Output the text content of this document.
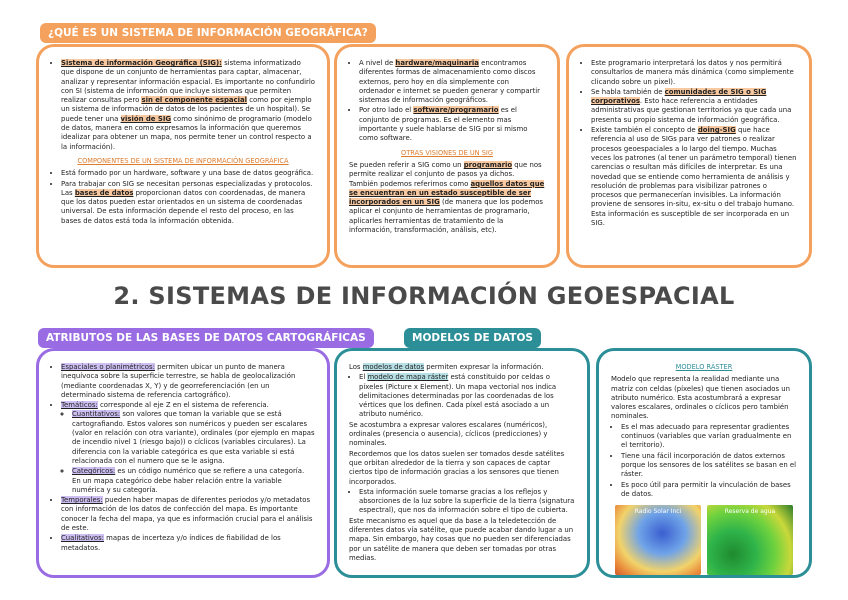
¿QUÉ ES UN SISTEMA DE INFORMACIÓN GEOGRÁFICA?
• Sistema de información Geográfica (SIG): sistema informatizado que dispone de un conjunto de herramientas para captar, almacenar, analizar y representar información espacial. Es importante no confundirlo con SI (sistema de información que incluye sistemas que permiten realizar consultas pero sin el componente espacial como por ejemplo un sistema de información de datos de los pacientes de un hospital). Se puede tener una visión de SIG como sinónimo de programario (modelo de datos, manera en como expresamos la información que queremos idealizar para obtener un mapa, nos permite tener un control respecto a la información).
COMPONENTES DE UN SISTEMA DE INFORMACIÓN GEOGRÁFICA
• Está formado por un hardware, software y una base de datos geográfica.
• Para trabajar con SIG se necesitan personas especializadas y protocolos. Las bases de datos proporcionan datos con coordenadas, de manera que los datos pueden estar orientados en un sistema de coordenadas universal. De esta información depende el resto del proceso, en las bases de datos está toda la información obtenida.
• A nivel de hardware/maquinaria encontramos diferentes formas de almacenamiento como discos externos, pero hoy en día simplemente con ordenador e internet se pueden generar y compartir sistemas de información geográficos.
• Por otro lado el software/programario es el conjunto de programas. Es el elemento mas importante y suele hablarse de SIG por si mismo como software.
OTRAS VISIONES DE UN SIG

Se pueden referir a SIG como un programario que nos permite realizar el conjunto de pasos ya dichos. También podemos referirnos como aquellos datos que se encuentran en un estado susceptible de ser incorporados en un SIG (de manera que los podemos aplicar el conjunto de herramientas de programario, aplicarles herramientas de tratamiento de la información, transformación, análisis, etc).

• Este programario interpretará los datos y nos permitirá consultarlos de manera más dinámica (como simplemente clicando sobre un pixel).
• Se habla también de comunidades de SIG o SIG corporativos. Esto hace referencia a entidades administrativas que gestionan territorios ya que cada una presenta su propio sistema de información geográfica.
• Existe también el concepto de doing-SIG que hace referencia al uso de SIGs para ver patrones o realizar procesos geoespaciales a lo largo del tiempo. Muchas veces los patrones (al tener un parámetro temporal) tienen carencias o resultan más difíciles de interpretar. Es una novedad que se entiende como herramienta de análisis y resolución de problemas para visibilizar patrones o procesos que permanecerían invisibles. La información proviene de sensores in-situ, ex-situ o del trabajo humano. Esta información es susceptible de ser incorporada en un SIG.
2. SISTEMAS DE INFORMACIÓN GEOESPACIAL
ATRIBUTOS DE LAS BASES DE DATOS CARTOGRÁFICAS	MODELOS DE DATOS
• Espaciales o planimétricos: permiten ubicar un punto de manera inequívoca sobre la superficie terrestre, se habla de geolocalización (mediante coordenadas X, Y) y de georreferenciación (en un determinado sistema de referencia cartográfico).
• Temáticos: corresponde al eje Z en el sistema de referencia.
◦ Cuantitativos: son valores que toman la variable que se está cartografiando. Estos valores son numéricos y pueden ser escalares (valor en relación con otra variante), ordinales (por ejemplo en mapas de incendio nivel 1 (riesgo bajo)) o cíclicos (variables circulares). La diferencia con la variable categórica es que esta variable si está relacionada con el numero que se le asigna.
◦ Categóricos: es un código numérico que se refiere a una categoría. En un mapa categórico debe haber relación entre la variable numérica y su categoría.
• Temporales: pueden haber mapas de diferentes periodos y/o metadatos con información de los datos de confección del mapa. Es importante conocer la fecha del mapa, ya que es información crucial para el análisis de este.
• Cualitativos: mapas de incerteza y/o índices de fiabilidad de los metadatos.

Los modelos de datos permiten expresar la información.

• El modelo de mapa ráster está constituido por celdas o píxeles (Picture x Element). Un mapa vectorial nos indica delimitaciones determinadas por las coordenadas de los vértices que los definen. Cada píxel está asociado a un atributo numérico.

Se acostumbra a expresar valores escalares (numéricos), ordinales (presencia o ausencia), cíclicos (predicciones) y nominales.

Recordemos que los datos suelen ser tomados desde satélites que orbitan alrededor de la tierra y son capaces de captar ciertos tipo de información gracias a los sensores que tienen incorporados.

• Esta información suele tomarse gracias a los reflejos y absorciones de la luz sobre la superficie de la tierra (signatura espectral), que nos da información sobre el tipo de cubierta.

Este mecanismo es aquel que da base a la teledetección de diferentes datos vía satélite, que puede acabar dando lugar a un mapa. Sin embargo, hay cosas que no pueden ser diferenciadas por un satélite de manera que deben ser tomadas por otras medias.

MODELO RÁSTER

Modelo que representa la realidad mediante una matriz con celdas (píxeles) que tienen asociados un atributo numérico. Esta acostumbrará a expresar valores escalares, ordinales o cíclicos pero también nominales.

• Es el mas adecuado para representar gradientes continuos (variables que varían gradualmente en el territorio).
• Tiene una fácil incorporación de datos externos porque los sensores de los satélites se basan en el ráster.
• Es poco útil para permitir la vinculación de bases de datos.
Radio Solar Inci	Reserva de agua
